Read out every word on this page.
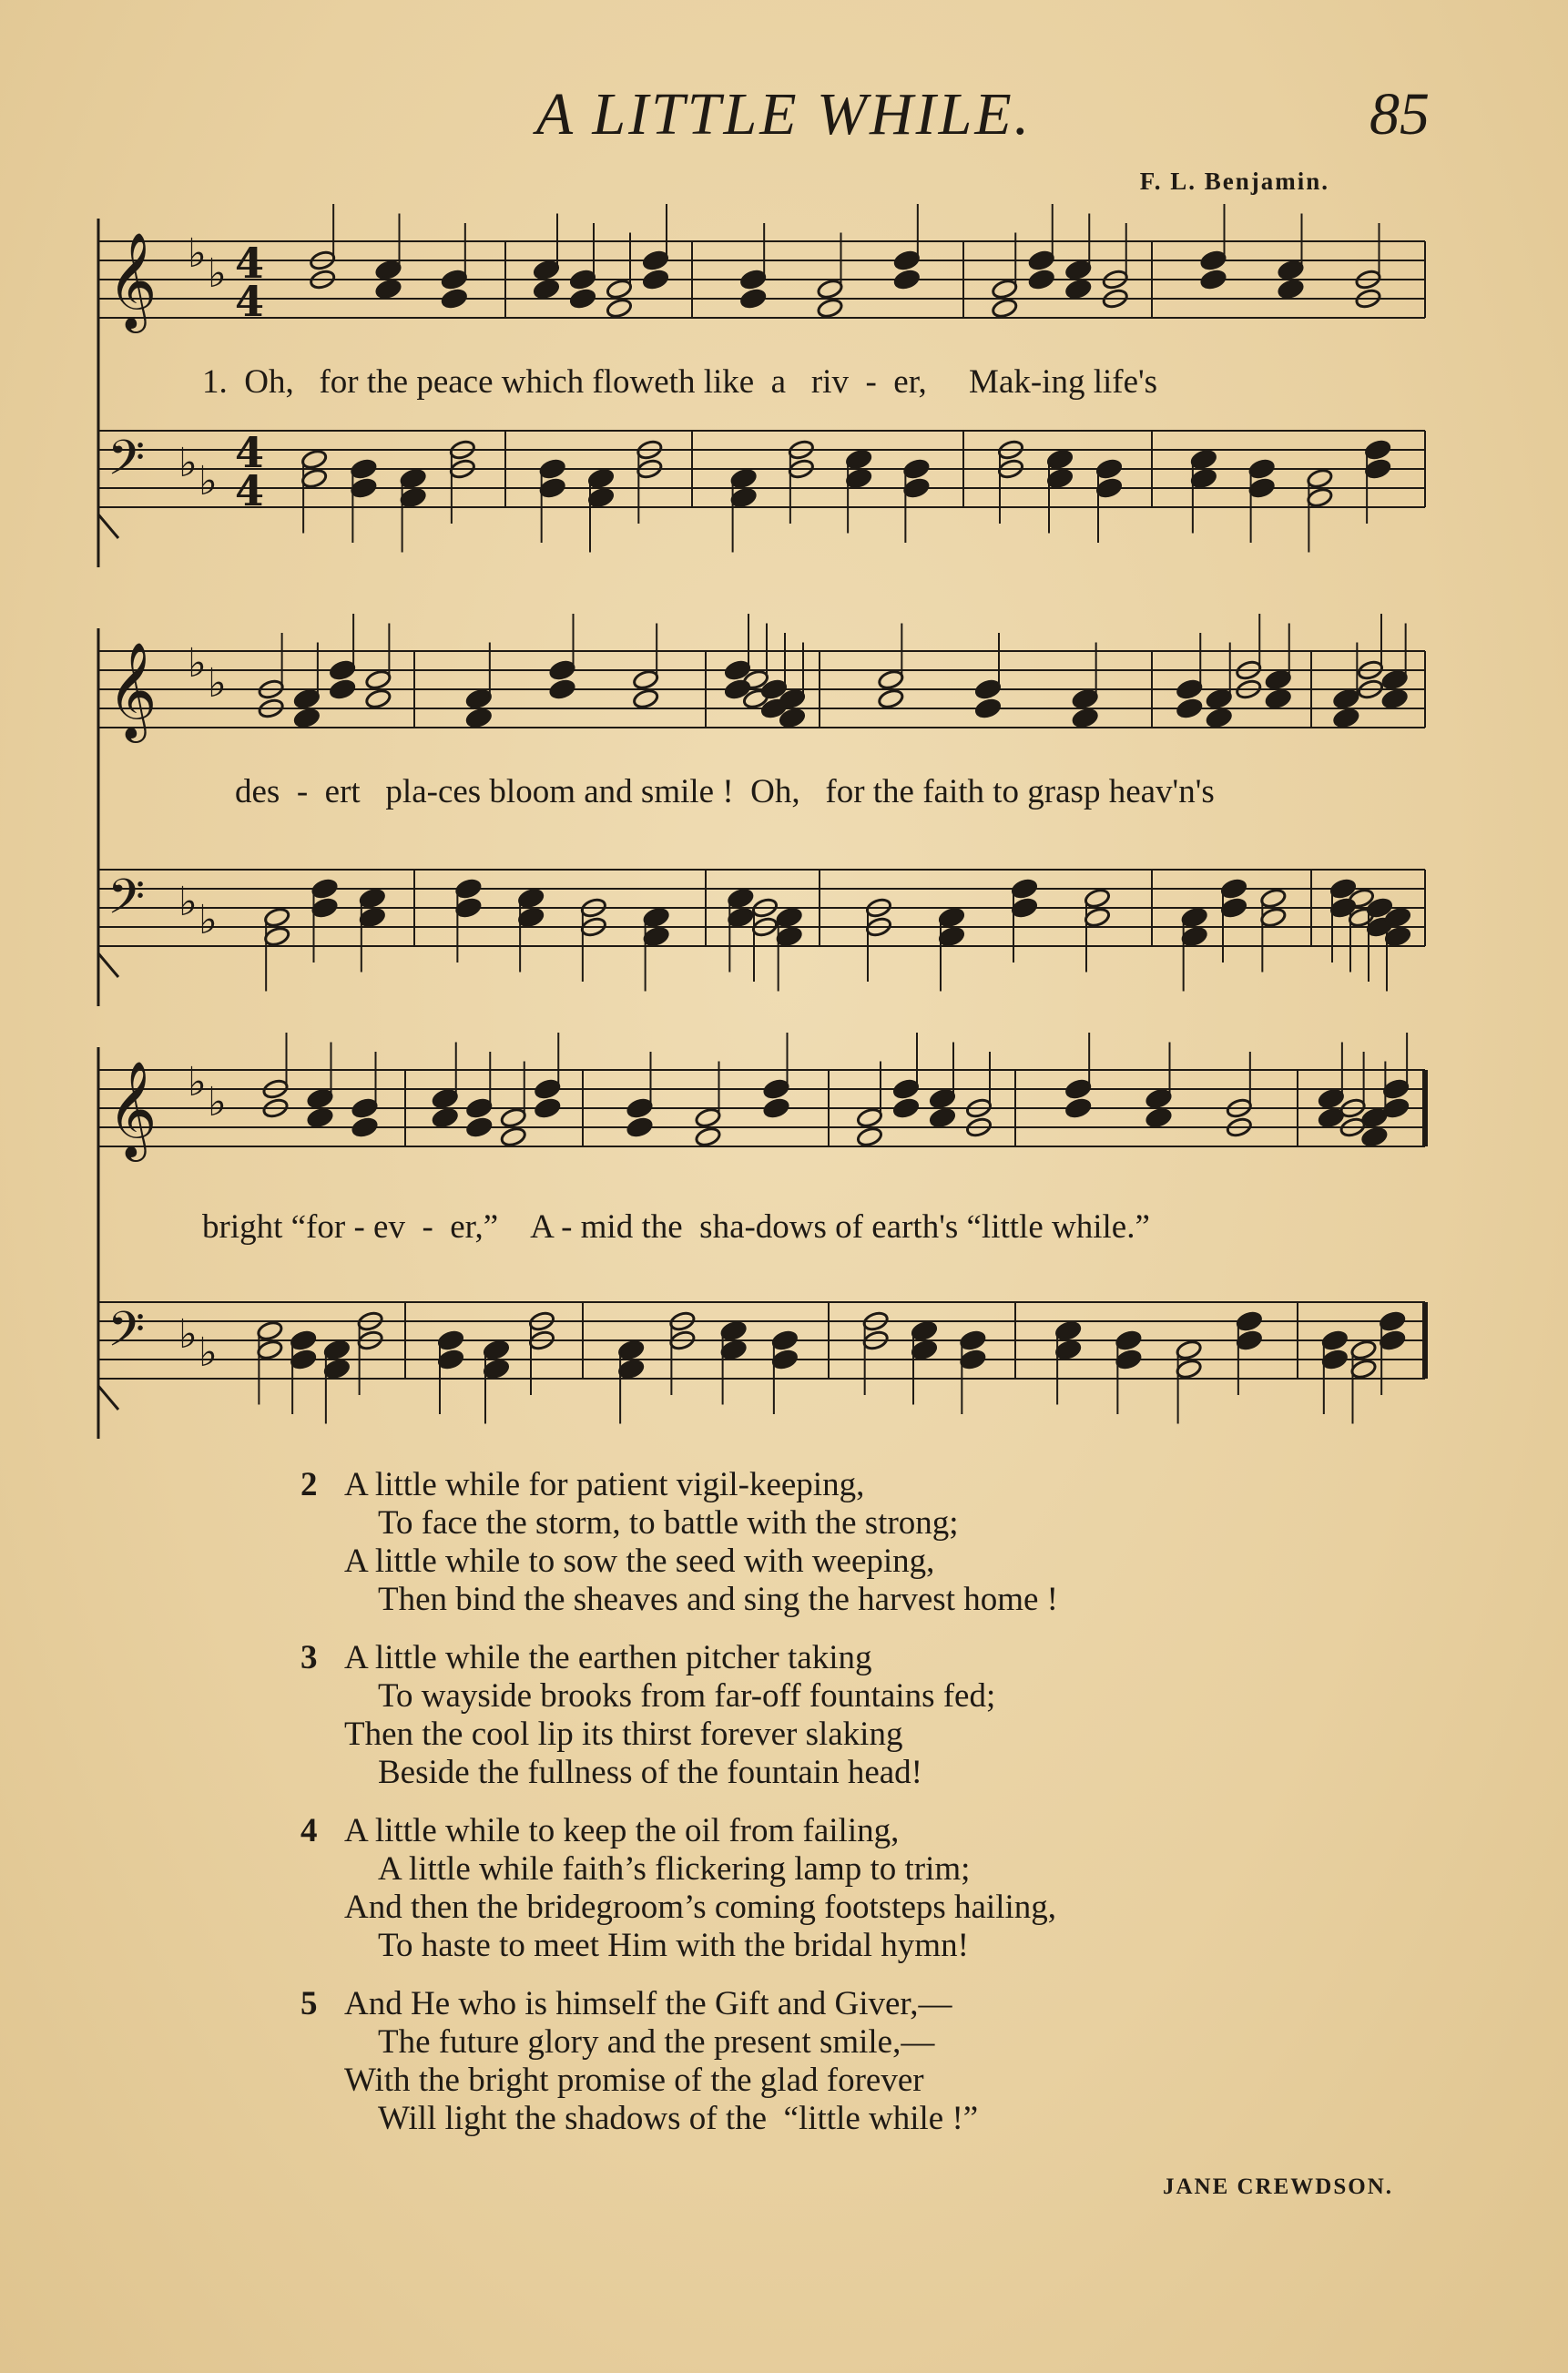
A LITTLE WHILE.	85
F. L. Benjamin.
𝄞 ♭ ♭ 4
4
𝄢 ♭ ♭
4
4
𝄞 ♭ ♭
𝄢 ♭ ♭
𝄞 ♭ ♭
𝄢 ♭ ♭
1.  Oh,   for the peace which floweth like  a   riv  -  er,     Mak-ing life's
des  -  ert   pla-ces bloom and smile !  Oh,   for the faith to grasp heav'n's
bright “for - ev  -  er,”    A - mid the  sha-dows of earth's “little while.”
2 A little while for patient vigil-keeping,
To face the storm, to battle with the strong;
A little while to sow the seed with weeping,
Then bind the sheaves and sing the harvest home !
3 A little while the earthen pitcher taking
To wayside brooks from far-off fountains fed;
Then the cool lip its thirst forever slaking
Beside the fullness of the fountain head!
4 A little while to keep the oil from failing,
A little while faith’s flickering lamp to trim;
And then the bridegroom’s coming footsteps hailing,
To haste to meet Him with the bridal hymn!
5 And He who is himself the Gift and Giver,—
The future glory and the present smile,—
With the bright promise of the glad forever
Will light the shadows of the  “little while !”
JANE CREWDSON.
